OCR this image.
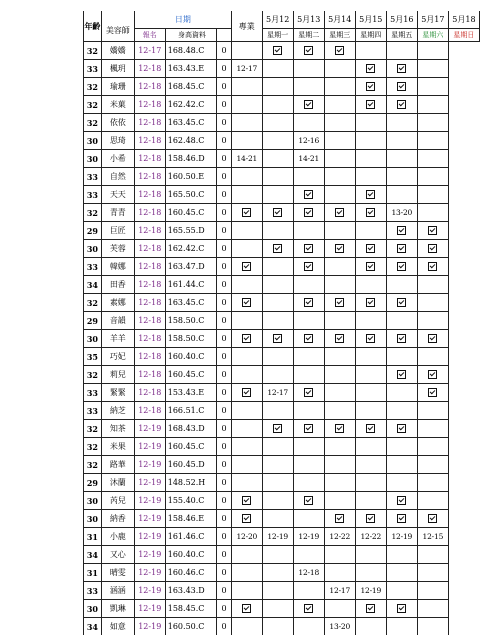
年齡	美容師	日期			專業	5月12	5月13	5月14	5月15	5月16	5月17	5月18
		報名	身高資料			星期一	星期二	星期三	星期四	星期五	星期六	星期日
32	嬌嬌	12-17	168.48.C	0								
33	楓玥	12-18	163.43.E	0	12-17							
32	瑜珊	12-18	168.45.C	0								
32	米菓	12-18	162.42.C	0								
32	依依	12-18	163.45.C	0								
30	思琦	12-18	162.48.C	0			12-16					
30	小希	12-18	158.46.D	0	14-21		14-21					
33	自然	12-18	160.50.E	0								
33	天天	12-18	165.50.C	0								
32	青青	12-18	160.45.C	0						13-20		
29	巨匠	12-18	165.55.D	0								
30	芙蓉	12-18	162.42.C	0								
33	韓娜	12-18	163.47.D	0								
34	田香	12-18	161.44.C	0								
32	素娜	12-18	163.45.C	0								
29	音韻	12-18	158.50.C	0								
30	羊羊	12-18	158.50.C	0								
35	巧妃	12-18	160.40.C	0								
32	莉兒	12-18	160.45.C	0								
33	緊緊	12-18	153.43.E	0		12-17						
33	納芝	12-18	166.51.C	0								
32	知茶	12-19	168.43.D	0								
32	米果	12-19	160.45.C	0								
32	路華	12-19	160.45.D	0								
29	沐蘭	12-19	148.52.H	0								
30	芮兒	12-19	155.40.C	0								
30	納香	12-19	158.46.E	0								
31	小鹿	12-19	161.46.C	0	12-20	12-19	12-19	12-22	12-22	12-19	12-15	
34	又心	12-19	160.40.C	0								
31	晴雯	12-19	160.46.C	0			12-18					
33	涵涵	12-19	163.43.D	0				12-17	12-19			
30	凱琳	12-19	158.45.C	0								
34	如意	12-19	160.50.C	0				13-20				
